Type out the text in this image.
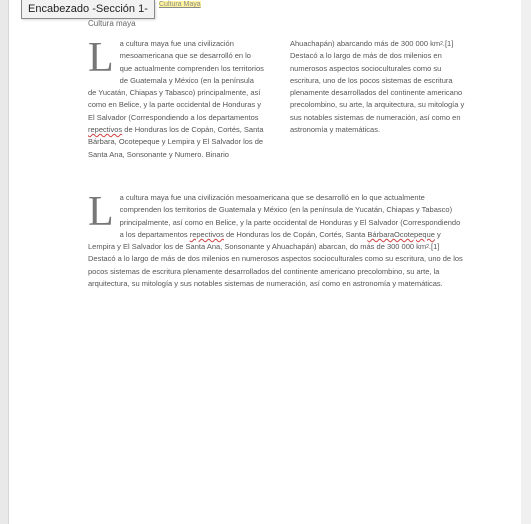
Encabezado -Sección 1-	Cultura Maya
Cultura maya
L a cultura maya fue una civilización mesoamericana que se desarrolló en lo que actualmente comprenden los territorios de Guatemala y México (en la península de Yucatán, Chiapas y Tabasco) principalmente, así como en Belice, y la parte occidental de Honduras y El Salvador (Correspondiendo a los departamentos repectivos de Honduras los de Copán, Cortés, Santa Bárbara, Ocotepeque y Lempira y El Salvador los de Santa Ana, Sonsonante y Numero. Binario
Ahuachapán) abarcando más de 300 000 $km^2.[1]$ Destacó a lo largo de más de dos milenios en numerosos aspectos socioculturales como su escritura, uno de los pocos sistemas de escritura plenamente desarrollados del continente americano precolombino, su arte, la arquitectura, su mitología y sus notables sistemas de numeración, así como en astronomía y matemáticas.
L a cultura maya fue una civilización mesoamericana que se desarrolló en lo que actualmente comprenden los territorios de Guatemala y México (en la península de Yucatán, Chiapas y Tabasco) principalmente, así como en Belice, y la parte occidental de Honduras y El Salvador (Correspondiendo a los departamentos repectivos de Honduras los de Copán, Cortés, Santa BárbaraOcotepeque y Lempira y El Salvador los de Santa Ana, Sonsonante y Ahuachapán) abarcan, do más de 300 000 $km^2.[1]$ Destacó a lo largo de más de dos milenios en numerosos aspectos socioculturales como su escritura, uno de los pocos sistemas de escritura plenamente desarrollados del continente americano precolombino, su arte, la arquitectura, su mitología y sus notables sistemas de numeración, así como en astronomía y matemáticas.
